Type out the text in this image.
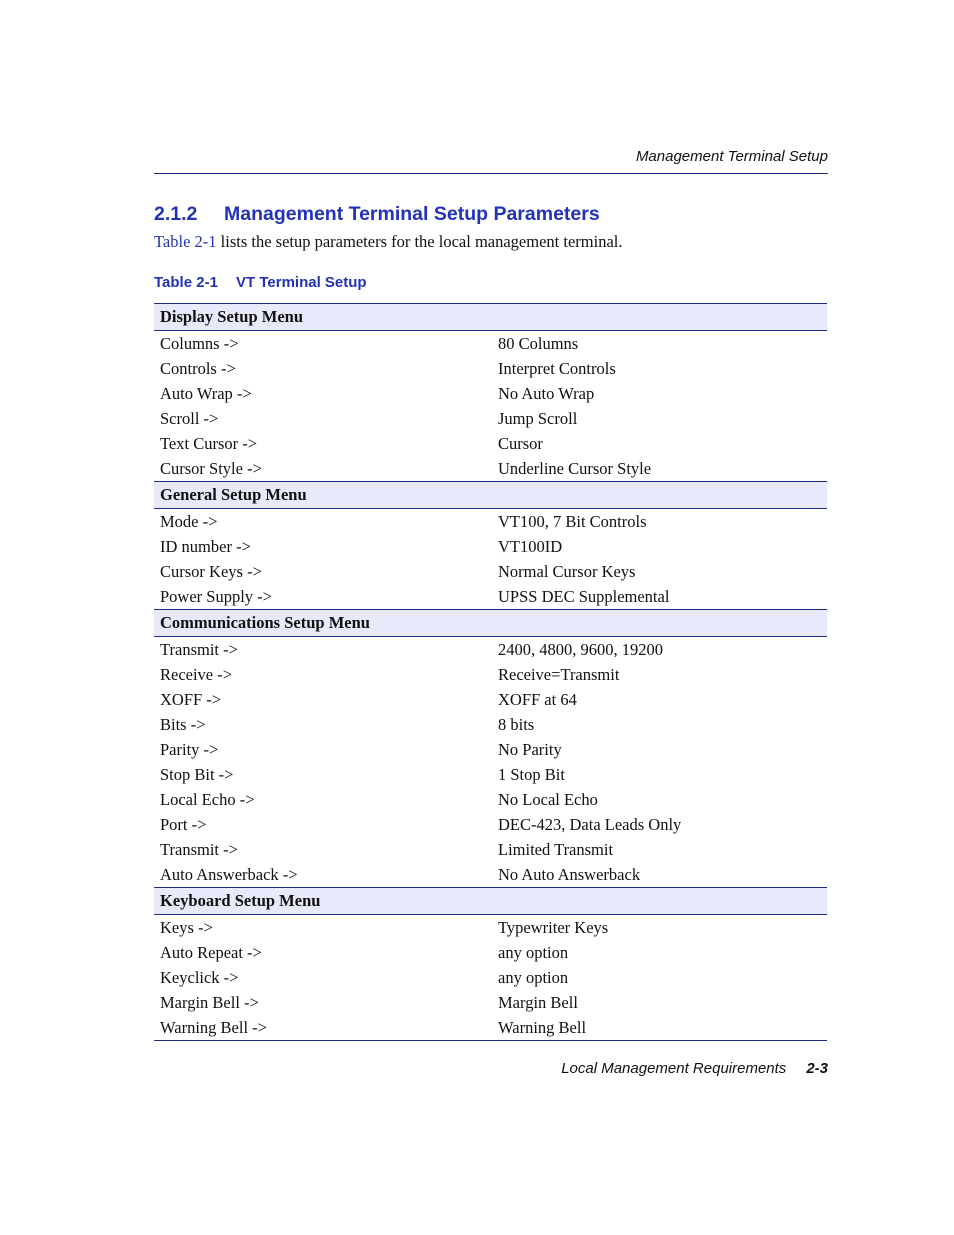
Management Terminal Setup
2.1.2 Management Terminal Setup Parameters
Table 2-1 lists the setup parameters for the local management terminal.
Table 2-1 VT Terminal Setup
Display Setup Menu	
Columns ->	80 Columns
Controls ->	Interpret Controls
Auto Wrap ->	No Auto Wrap
Scroll ->	Jump Scroll
Text Cursor ->	Cursor
Cursor Style ->	Underline Cursor Style
General Setup Menu	
Mode ->	VT100, 7 Bit Controls
ID number ->	VT100ID
Cursor Keys ->	Normal Cursor Keys
Power Supply ->	UPSS DEC Supplemental
Communications Setup Menu	
Transmit ->	2400, 4800, 9600, 19200
Receive ->	Receive=Transmit
XOFF ->	XOFF at 64
Bits ->	8 bits
Parity ->	No Parity
Stop Bit ->	1 Stop Bit
Local Echo ->	No Local Echo
Port ->	DEC-423, Data Leads Only
Transmit ->	Limited Transmit
Auto Answerback ->	No Auto Answerback
Keyboard Setup Menu	
Keys ->	Typewriter Keys
Auto Repeat ->	any option
Keyclick ->	any option
Margin Bell ->	Margin Bell
Warning Bell ->	Warning Bell
Local Management Requirements 2-3
